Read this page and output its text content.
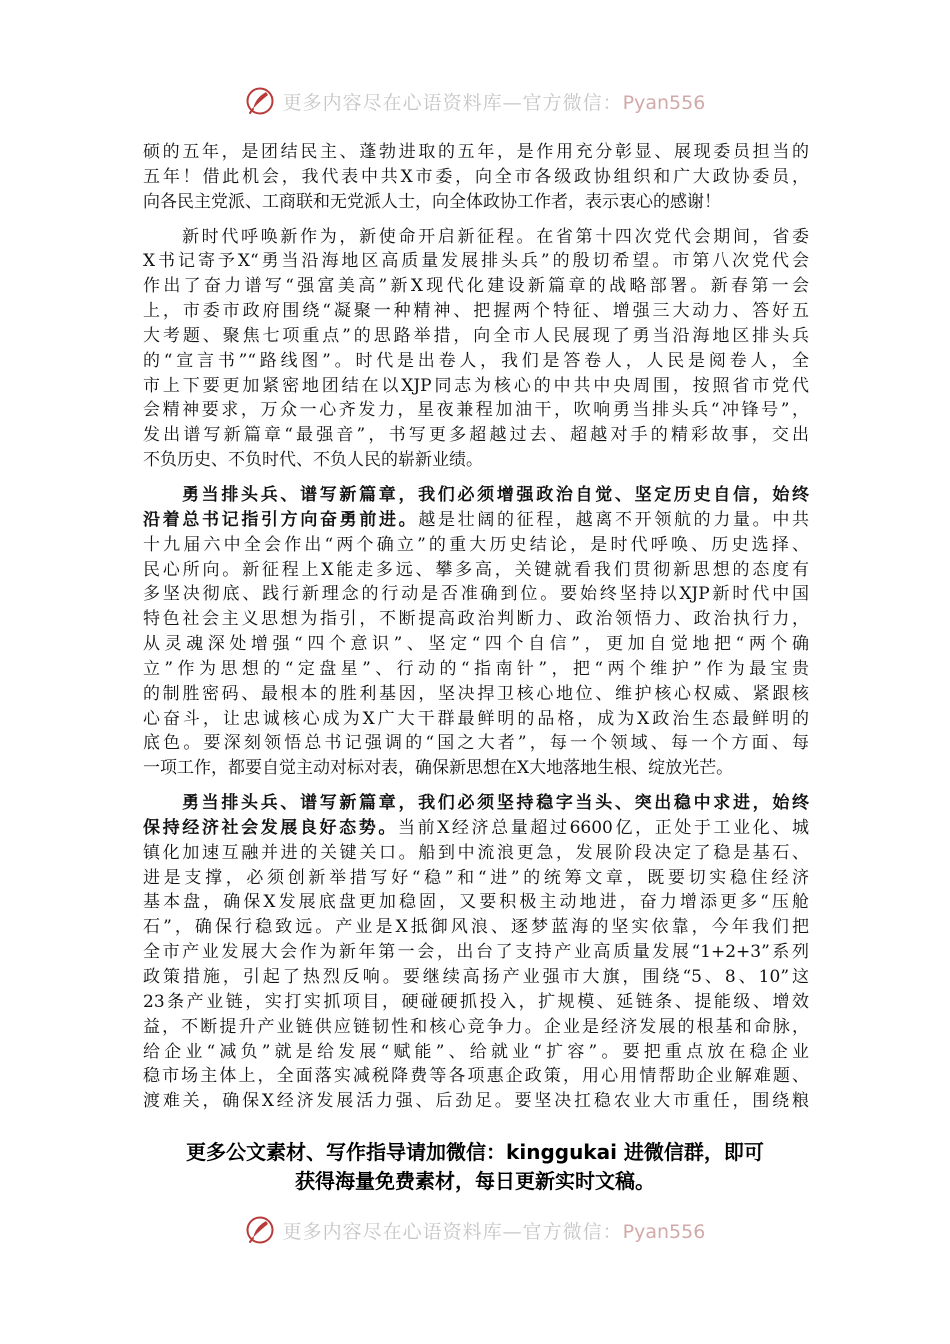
更多内容尽在心语资料库—官方微信：Pyan556
硕的五年，是团结民主、蓬勃进取的五年，是作用充分彰显、展现委员担当的
五年！借此机会，我代表中共X市委，向全市各级政协组织和广大政协委员，
向各民主党派、工商联和无党派人士，向全体政协工作者，表示衷心的感谢！
新时代呼唤新作为，新使命开启新征程。在省第十四次党代会期间，省委
X书记寄予X“勇当沿海地区高质量发展排头兵”的殷切希望。市第八次党代会
作出了奋力谱写“强富美高”新X现代化建设新篇章的战略部署。新春第一会
上，市委市政府围绕“凝聚一种精神、把握两个特征、增强三大动力、答好五
大考题、聚焦七项重点”的思路举措，向全市人民展现了勇当沿海地区排头兵
的“宣言书”“路线图”。时代是出卷人，我们是答卷人，人民是阅卷人，全
市上下要更加紧密地团结在以XJP同志为核心的中共中央周围，按照省市党代
会精神要求，万众一心齐发力，星夜兼程加油干，吹响勇当排头兵“冲锋号”，
发出谱写新篇章“最强音”，书写更多超越过去、超越对手的精彩故事，交出
不负历史、不负时代、不负人民的崭新业绩。
勇当排头兵、谱写新篇章，我们必须增强政治自觉、坚定历史自信，始终
沿着总书记指引方向奋勇前进。越是壮阔的征程，越离不开领航的力量。中共
十九届六中全会作出“两个确立”的重大历史结论，是时代呼唤、历史选择、
民心所向。新征程上X能走多远、攀多高，关键就看我们贯彻新思想的态度有
多坚决彻底、践行新理念的行动是否准确到位。要始终坚持以XJP新时代中国
特色社会主义思想为指引，不断提高政治判断力、政治领悟力、政治执行力，
从灵魂深处增强“四个意识”、坚定“四个自信”，更加自觉地把“两个确
立”作为思想的“定盘星”、行动的“指南针”，把“两个维护”作为最宝贵
的制胜密码、最根本的胜利基因，坚决捍卫核心地位、维护核心权威、紧跟核
心奋斗，让忠诚核心成为X广大干群最鲜明的品格，成为X政治生态最鲜明的
底色。要深刻领悟总书记强调的“国之大者”，每一个领域、每一个方面、每
一项工作，都要自觉主动对标对表，确保新思想在X大地落地生根、绽放光芒。
勇当排头兵、谱写新篇章，我们必须坚持稳字当头、突出稳中求进，始终
保持经济社会发展良好态势。当前X经济总量超过6600亿，正处于工业化、城
镇化加速互融并进的关键关口。船到中流浪更急，发展阶段决定了稳是基石、
进是支撑，必须创新举措写好“稳”和“进”的统筹文章，既要切实稳住经济
基本盘，确保X发展底盘更加稳固，又要积极主动地进，奋力增添更多“压舱
石”，确保行稳致远。产业是X抵御风浪、逐梦蓝海的坚实依靠，今年我们把
全市产业发展大会作为新年第一会，出台了支持产业高质量发展“1+2+3”系列
政策措施，引起了热烈反响。要继续高扬产业强市大旗，围绕“5、8、10”这
23条产业链，实打实抓项目，硬碰硬抓投入，扩规模、延链条、提能级、增效
益，不断提升产业链供应链韧性和核心竞争力。企业是经济发展的根基和命脉，
给企业“减负”就是给发展“赋能”、给就业“扩容”。要把重点放在稳企业
稳市场主体上，全面落实减税降费等各项惠企政策，用心用情帮助企业解难题、
渡难关，确保X经济发展活力强、后劲足。要坚决扛稳农业大市重任，围绕粮
更多公文素材、写作指导请加微信：kinggukai 进微信群，即可
获得海量免费素材，每日更新实时文稿。
更多内容尽在心语资料库—官方微信：Pyan556
